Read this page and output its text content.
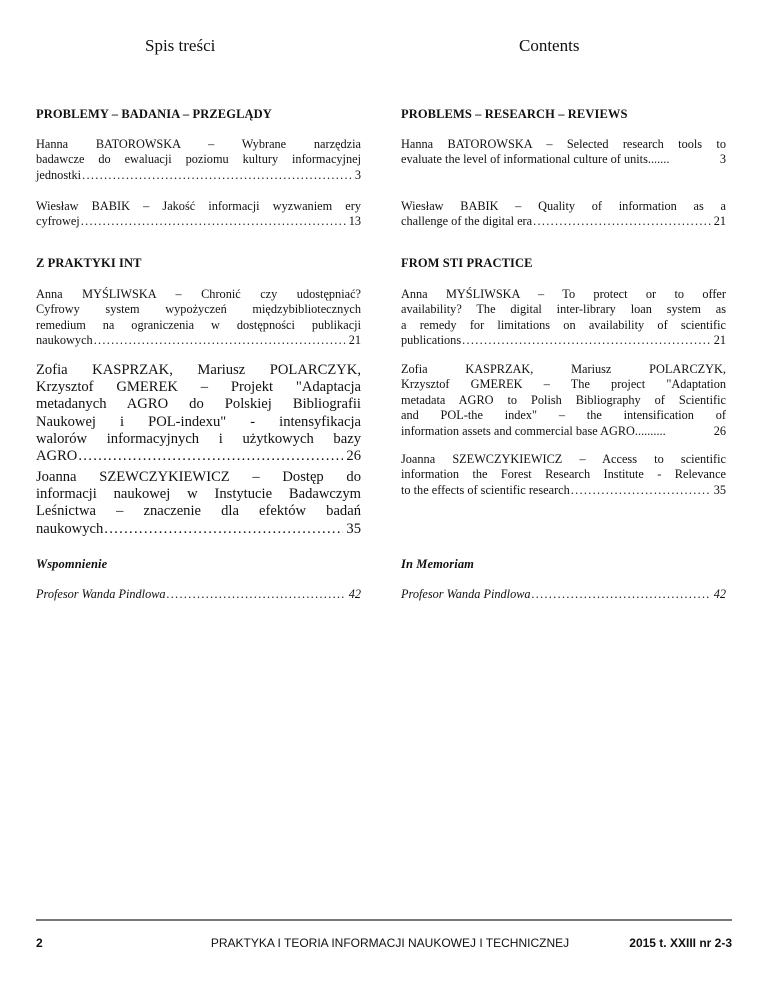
Spis treści	Contents
PROBLEMY – BADANIA – PRZEGLĄDY
Hanna BATOROWSKA – Wybrane narzędzia
badawcze do ewaluacji poziomu kultury informacyjnej
jednostki .....	3
Wiesław BABIK – Jakość informacji wyzwaniem ery
cyfrowej .....	13
Z PRAKTYKI INT
Anna MYŚLIWSKA – Chronić czy udostępniać?
Cyfrowy system wypożyczeń międzybibliotecznych
remedium na ograniczenia w dostępności publikacji
naukowych .....	21
Zofia KASPRZAK, Mariusz POLARCZYK,
Krzysztof GMEREK – Projekt "Adaptacja
metadanych AGRO do Polskiej Bibliografii
Naukowej i POL-indexu" - intensyfikacja
walorów informacyjnych i użytkowych bazy
AGRO .....	26
Joanna SZEWCZYKIEWICZ – Dostęp do
informacji naukowej w Instytucie Badawczym
Leśnictwa – znaczenie dla efektów badań
naukowych .....	35
Wspomnienie
Profesor Wanda Pindlowa .....	42
PROBLEMS – RESEARCH – REVIEWS
Hanna BATOROWSKA – Selected research tools to
evaluate the level of informational culture of units.......	3
Wiesław BABIK – Quality of information as a
challenge of the digital era .....	21
FROM STI PRACTICE
Anna MYŚLIWSKA – To protect or to offer
availability? The digital inter-library loan system as
a remedy for limitations on availability of scientific
publications .....	21
Zofia KASPRZAK, Mariusz POLARCZYK,
Krzysztof GMEREK – The project "Adaptation
metadata AGRO to Polish Bibliography of Scientific
and POL-the index" – the intensification of
information assets and commercial base AGRO..........	26
Joanna SZEWCZYKIEWICZ – Access to scientific
information the Forest Research Institute - Relevance
to the effects of scientific research .....	35
In Memoriam
Profesor Wanda Pindlowa .....	42
2	PRAKTYKA I TEORIA INFORMACJI NAUKOWEJ I TECHNICZNEJ	2015 t. XXIII nr 2-3
